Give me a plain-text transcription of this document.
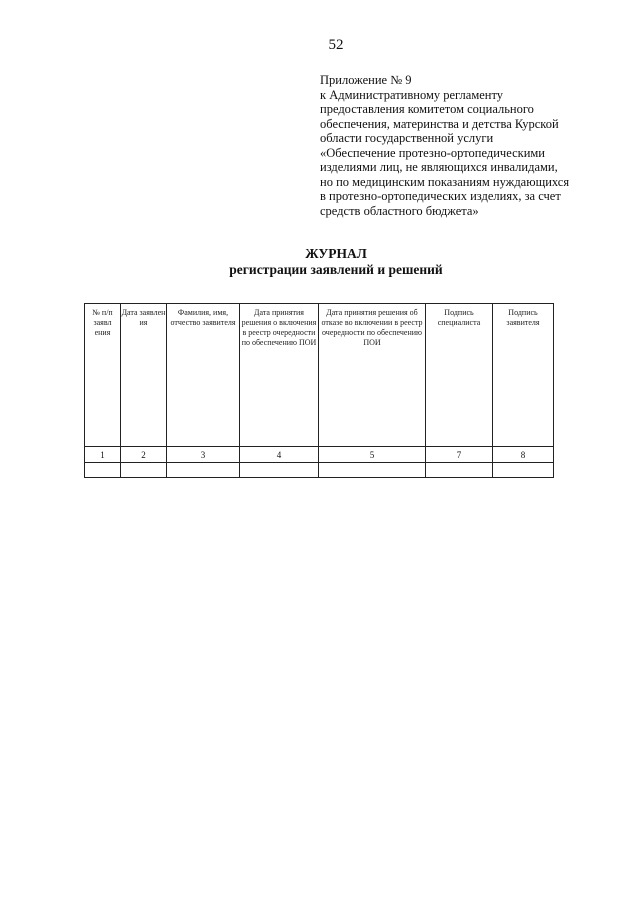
52
Приложение № 9
к Административному регламенту
предоставления комитетом социального
обеспечения, материнства и детства Курской
области государственной услуги
«Обеспечение протезно-ортопедическими
изделиями лиц, не являющихся инвалидами,
но по медицинским показаниям нуждающихся
в протезно-ортопедических изделиях, за счет
средств областного бюджета»
ЖУРНАЛ
регистрации заявлений и решений
№ п/п заявл ения	Дата заявлен ия	Фамилия, имя, отчество заявителя	Дата принятия решения о включения в реестр очередности по обеспечению ПОИ	Дата принятия решения об отказе во включении в реестр очередности по обеспечению ПОИ	Подпись специалиста	Подпись заявителя
1	2	3	4	5	7	8
